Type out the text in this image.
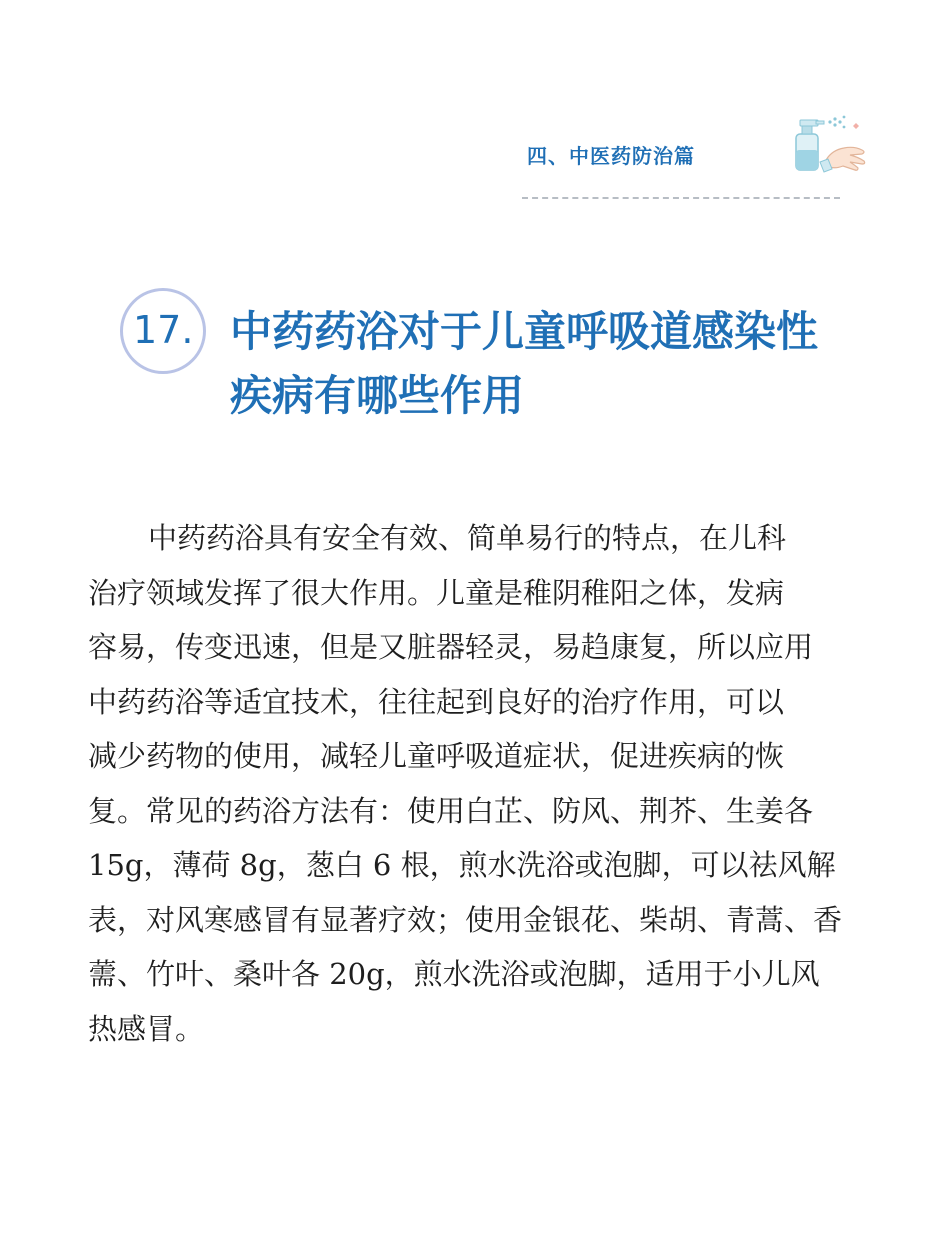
四、中医药防治篇
17. 中药药浴对于儿童呼吸道感染性
疾病有哪些作用
中药药浴具有安全有效、简单易行的特点，在儿科
治疗领域发挥了很大作用。儿童是稚阴稚阳之体，发病
容易，传变迅速，但是又脏器轻灵，易趋康复，所以应用
中药药浴等适宜技术，往往起到良好的治疗作用，可以
减少药物的使用，减轻儿童呼吸道症状，促进疾病的恢
复。常见的药浴方法有：使用白芷、防风、荆芥、生姜各
15g，薄荷 8g，葱白 6 根，煎水洗浴或泡脚，可以祛风解
表，对风寒感冒有显著疗效；使用金银花、柴胡、青蒿、香
薷、竹叶、桑叶各 20g，煎水洗浴或泡脚，适用于小儿风
热感冒。
